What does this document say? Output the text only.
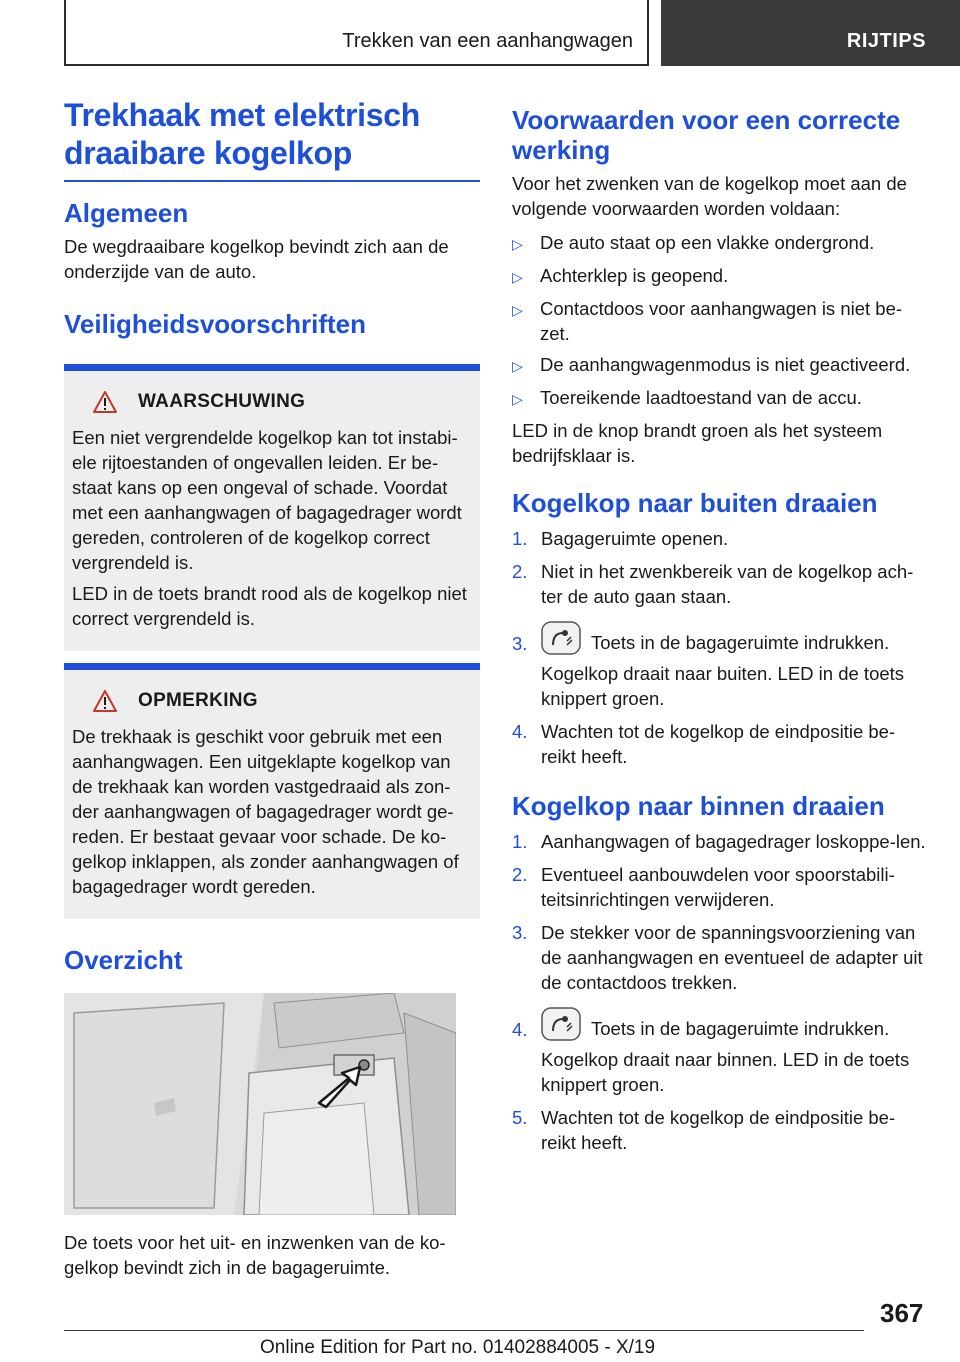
Trekken van een aanhangwagen	RIJTIPS
Trekhaak met elektrisch draaibare kogelkop
Algemeen
De wegdraaibare kogelkop bevindt zich aan de onderzijde van de auto.
Veiligheidsvoorschriften
WAARSCHUWING
Een niet vergrendelde kogelkop kan tot instabi-ele rijtoestanden of ongevallen leiden. Er be-staat kans op een ongeval of schade. Voordat met een aanhangwagen of bagagedrager wordt gereden, controleren of de kogelkop correct vergrendeld is.
LED in de toets brandt rood als de kogelkop niet correct vergrendeld is.
OPMERKING
De trekhaak is geschikt voor gebruik met een aanhangwagen. Een uitgeklapte kogelkop van de trekhaak kan worden vastgedraaid als zon-der aanhangwagen of bagagedrager wordt ge-reden. Er bestaat gevaar voor schade. De ko-gelkop inklappen, als zonder aanhangwagen of bagagedrager wordt gereden.
Overzicht
De toets voor het uit- en inzwenken van de ko-gelkop bevindt zich in de bagageruimte.
Voorwaarden voor een correcte werking
Voor het zwenken van de kogelkop moet aan de volgende voorwaarden worden voldaan:
▷ De auto staat op een vlakke ondergrond.
▷ Achterklep is geopend.
▷ Contactdoos voor aanhangwagen is niet be-zet.
▷ De aanhangwagenmodus is niet geactiveerd.
▷ Toereikende laadtoestand van de accu.
LED in de knop brandt groen als het systeem bedrijfsklaar is.
Kogelkop naar buiten draaien
1. Bagageruimte openen.
2. Niet in het zwenkbereik van de kogelkop ach-ter de auto gaan staan.
3.	Toets in de bagageruimte indrukken.
Kogelkop draait naar buiten. LED in de toets knippert groen.
4. Wachten tot de kogelkop de eindpositie be-reikt heeft.
Kogelkop naar binnen draaien
1. Aanhangwagen of bagagedrager loskoppe-len.
2. Eventueel aanbouwdelen voor spoorstabili-teitsinrichtingen verwijderen.
3. De stekker voor de spanningsvoorziening van de aanhangwagen en eventueel de adapter uit de contactdoos trekken.
4.	Toets in de bagageruimte indrukken.
Kogelkop draait naar binnen. LED in de toets knippert groen.
5. Wachten tot de kogelkop de eindpositie be-reikt heeft.
367
Online Edition for Part no. 01402884005 - X/19
